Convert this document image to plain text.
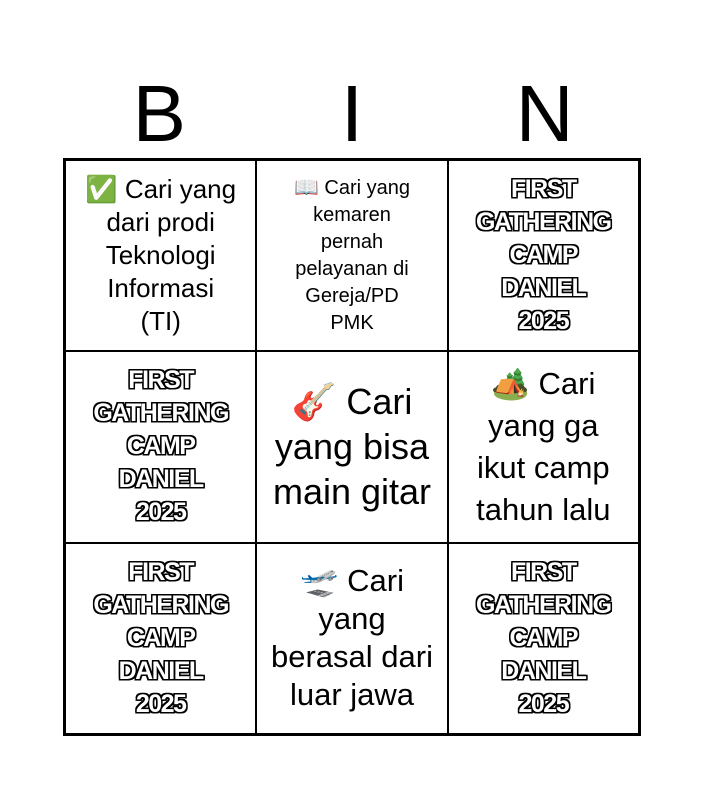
B	I	N
✅ Cari yang
dari prodi
Teknologi
Informasi
(TI)
📖 Cari yang
kemaren
pernah
pelayanan di
Gereja/PD
PMK
FIRST
GATHERING
CAMP
DANIEL
2025
FIRST
GATHERING
CAMP
DANIEL
2025
🎸 Cari
yang bisa
main gitar
🏕️ Cari
yang ga
ikut camp
tahun lalu
FIRST
GATHERING
CAMP
DANIEL
2025
🛫 Cari
yang
berasal dari
luar jawa
FIRST
GATHERING
CAMP
DANIEL
2025
